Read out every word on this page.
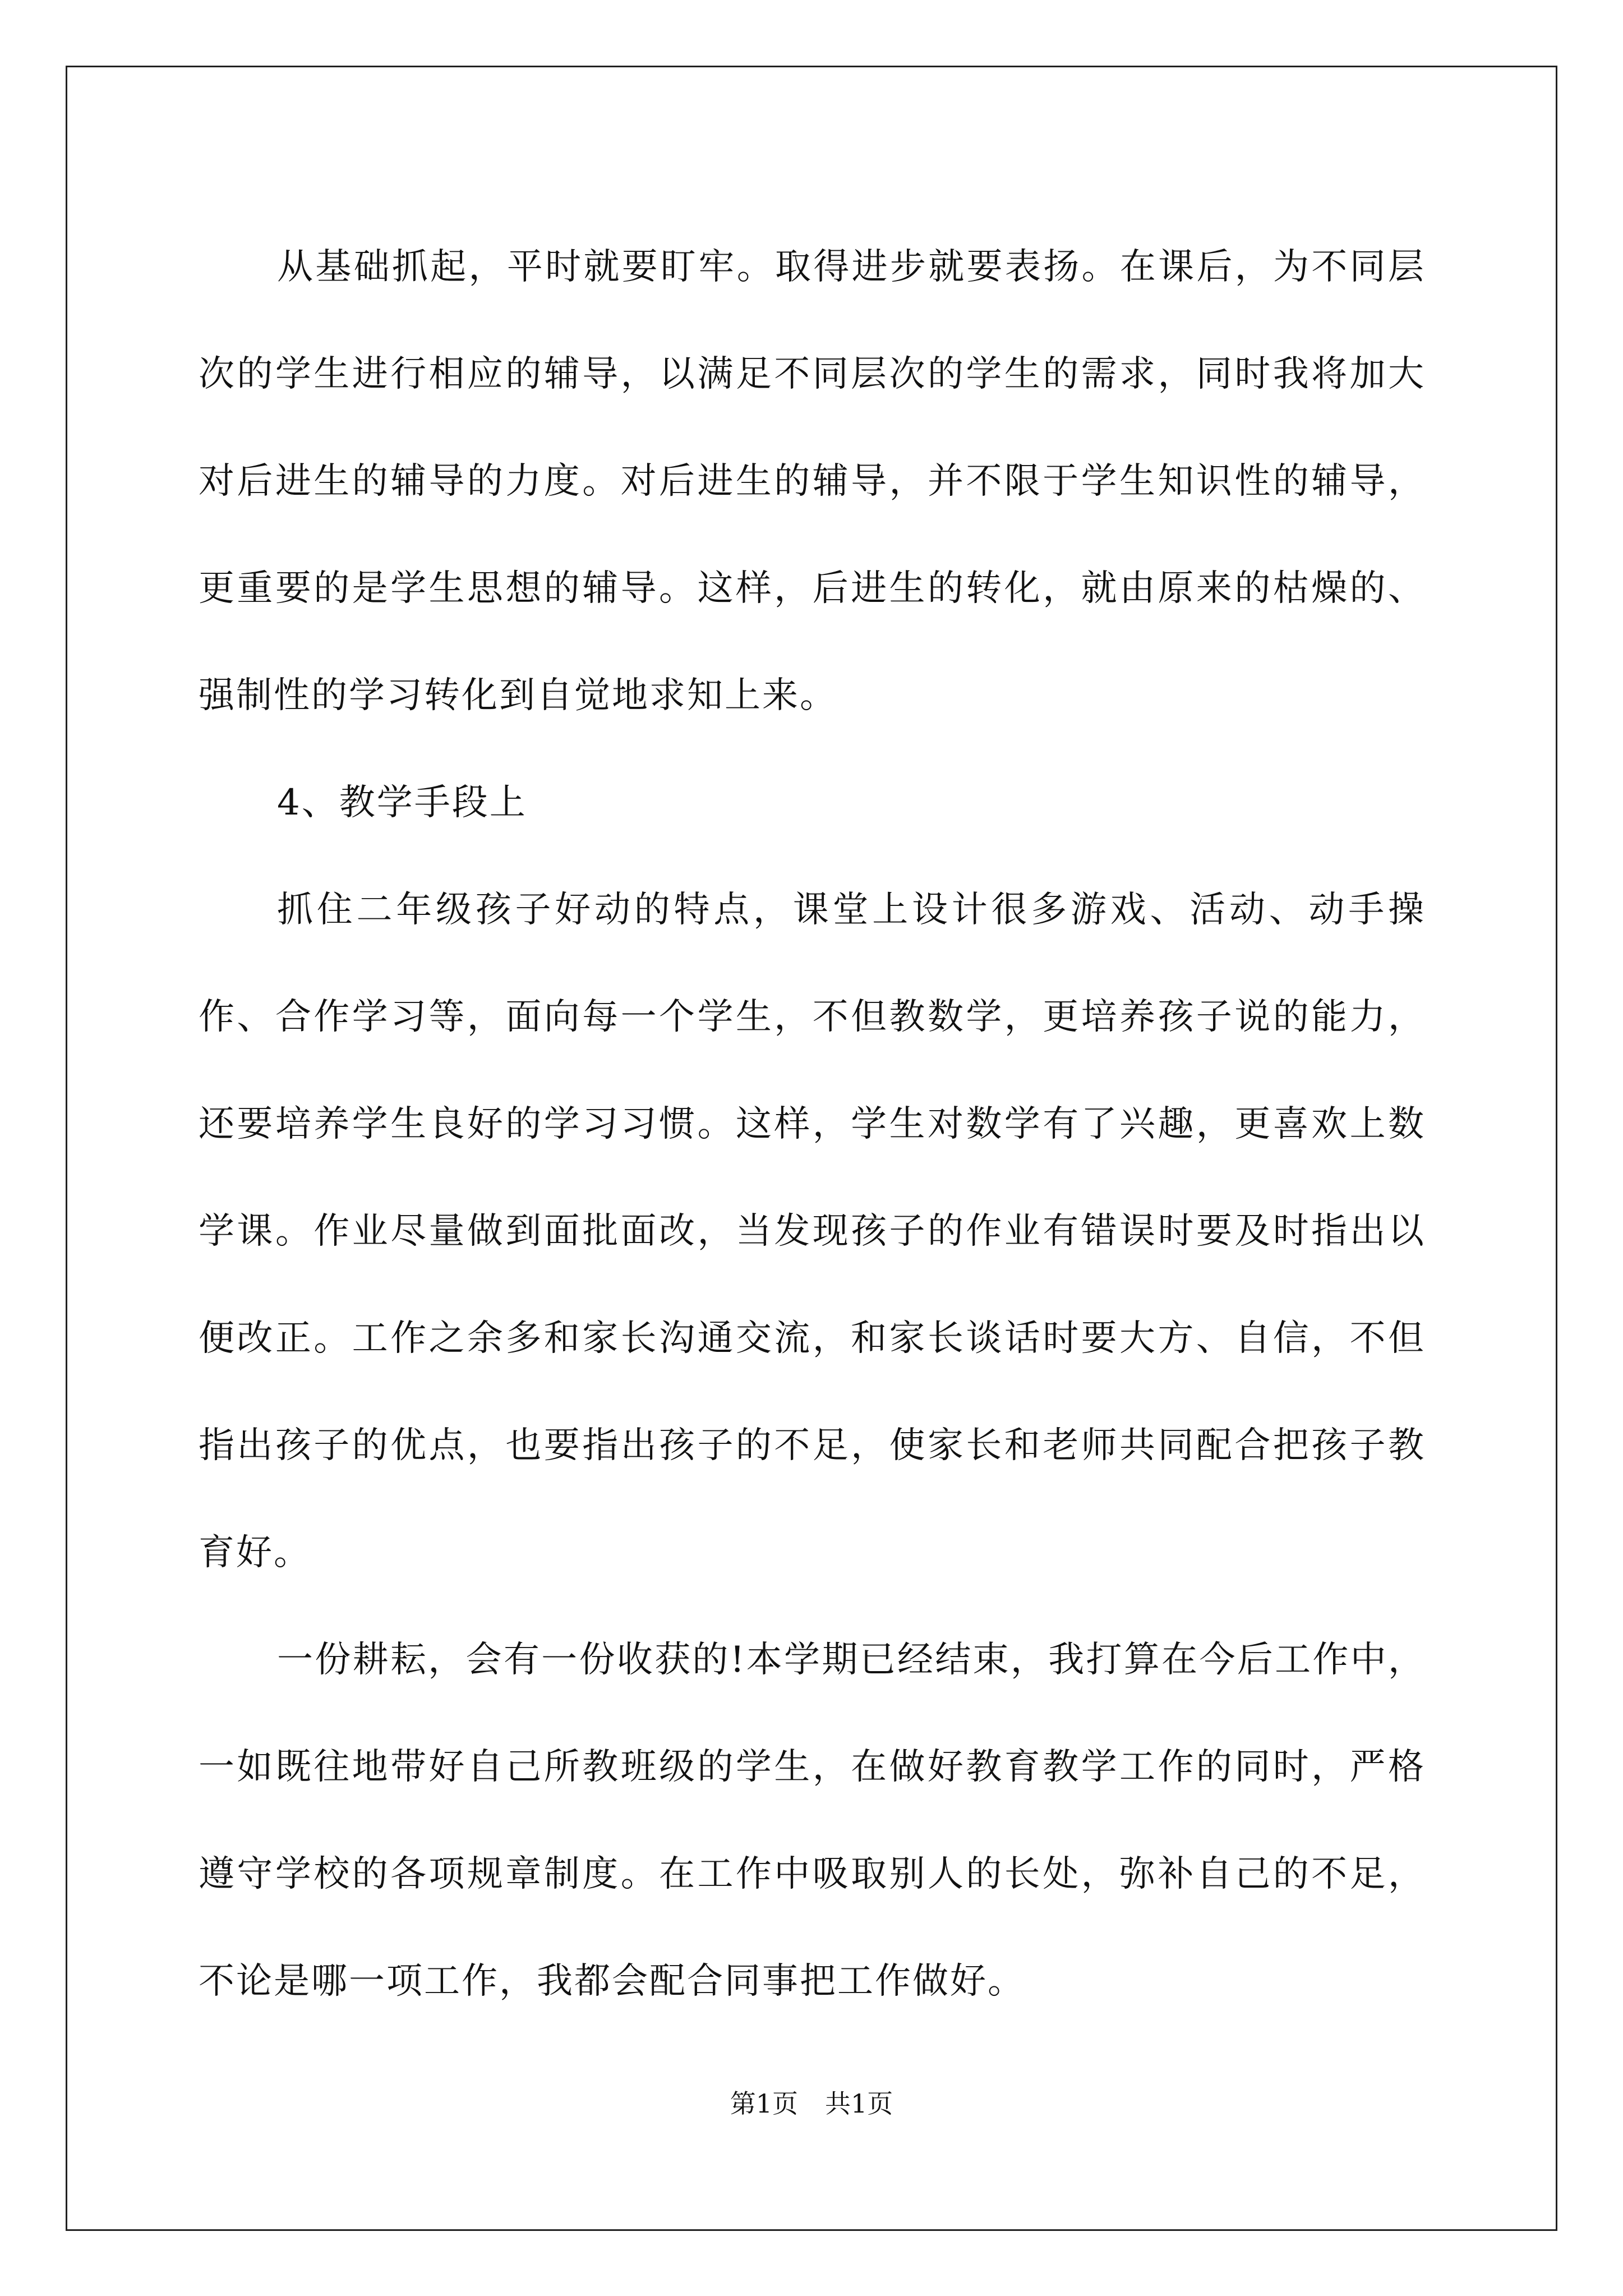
从基础抓起，平时就要盯牢。取得进步就要表扬。在课后，为不同层次的学生进行相应的辅导，以满足不同层次的学生的需求，同时我将加大对后进生的辅导的力度。对后进生的辅导，并不限于学生知识性的辅导，更重要的是学生思想的辅导。这样，后进生的转化，就由原来的枯燥的、强制性的学习转化到自觉地求知上来。

4、教学手段上

抓住二年级孩子好动的特点，课堂上设计很多游戏、活动、动手操作、合作学习等，面向每一个学生，不但教数学，更培养孩子说的能力，还要培养学生良好的学习习惯。这样，学生对数学有了兴趣，更喜欢上数学课。作业尽量做到面批面改，当发现孩子的作业有错误时要及时指出以便改正。工作之余多和家长沟通交流，和家长谈话时要大方、自信，不但指出孩子的优点，也要指出孩子的不足，使家长和老师共同配合把孩子教育好。

一份耕耘，会有一份收获的!本学期已经结束，我打算在今后工作中，一如既往地带好自己所教班级的学生，在做好教育教学工作的同时，严格遵守学校的各项规章制度。在工作中吸取别人的长处，弥补自己的不足，不论是哪一项工作，我都会配合同事把工作做好。

第1页 共1页
